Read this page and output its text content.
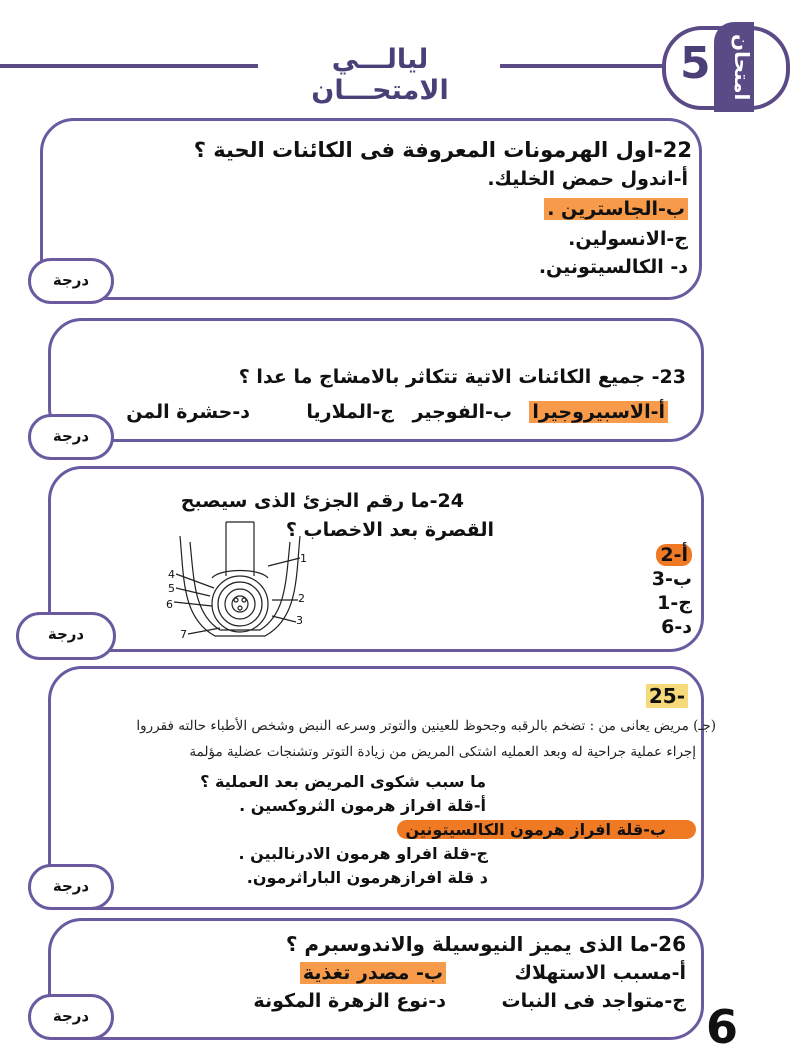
ليالـــي الامتحـــان
5 امتحان
22-اول الهرمونات المعروفة فى الكائنات الحية ؟
أ-اندول حمض الخليك.
ب-الجاسترين .
ج-الانسولين.
د- الكالسيتونين.
درجة
23- جميع الكائنات الاتية تتكاثر بالامشاج ما عدا ؟
أ-الاسبيروجيرا
ب-الفوجير
ج-الملاريا
د-حشرة المن
درجة
24-ما رقم الجزئ الذى سيصبح
القصرة بعد الاخصاب ؟
أ-2
ب-3
ج-1
د-6
1
2
3
4
5
6
7
درجة
-25
(جـ) مريض يعانى من : تضخم بالرقبه وجحوظ للعينين والتوتر وسرعه النبض وشخص الأطباء حالته فقرروا
إجراء عملية جراحية له وبعد العمليه اشتكى المريض من زيادة التوتر وتشنجات عضلية مؤلمة
ما سبب شكوى المريض بعد العملية ؟
أ-قلة افراز هرمون الثروكسين .
ب-قلة افراز هرمون الكالسيتونين
ج-قلة افراو هرمون الادرنالبين .
د قلة افرازهرمون الباراثرمون.
درجة
26-ما الذى يميز النيوسيلة والاندوسبرم ؟
أ-مسبب الاستهلاك
ب- مصدر تغذية
ج-متواجد فى النبات
د-نوع الزهرة المكونة
درجة	6
